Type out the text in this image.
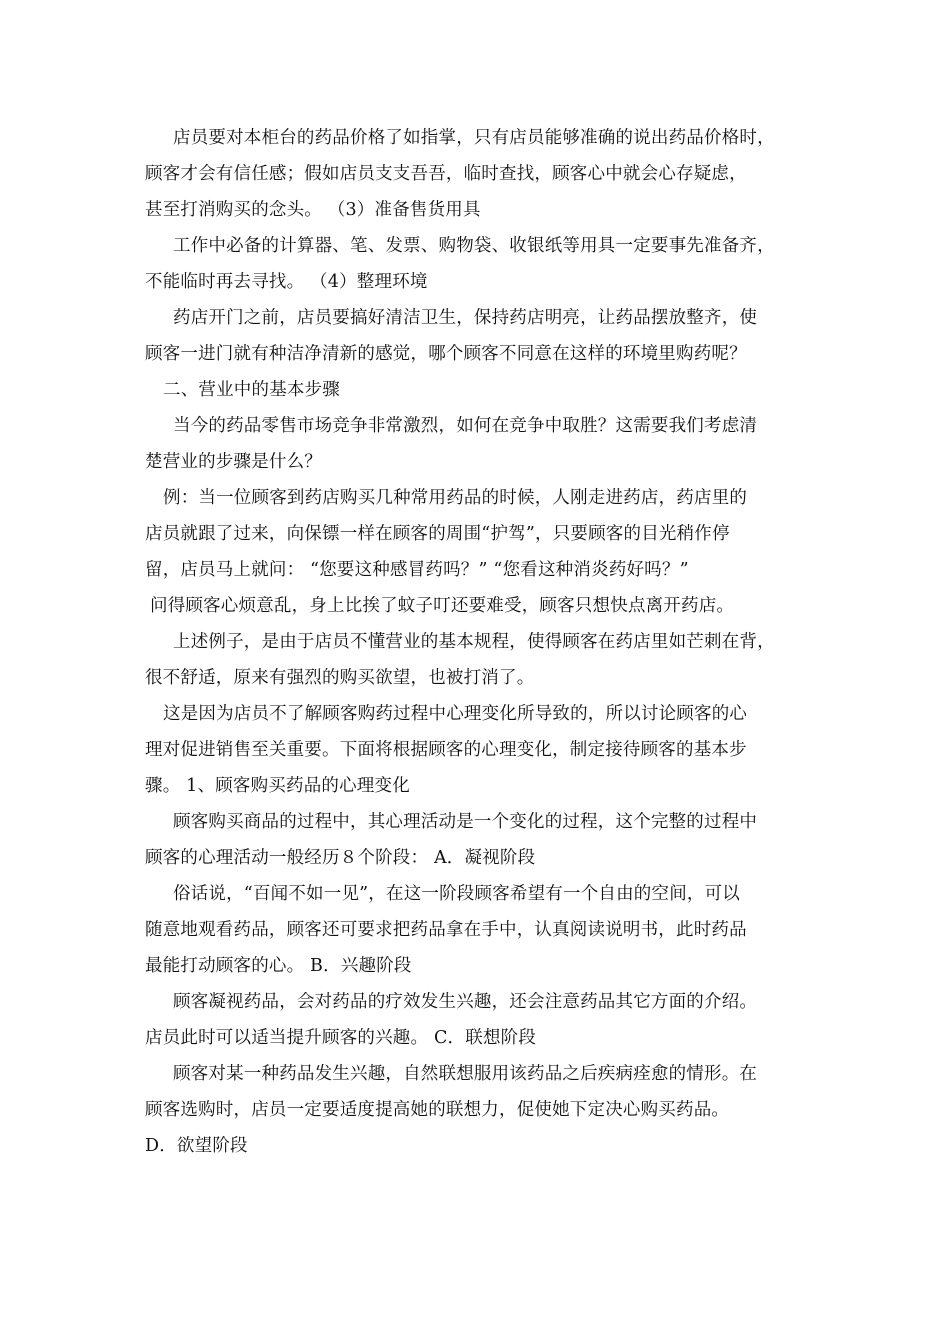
店员要对本柜台的药品价格了如指掌，只有店员能够准确的说出药品价格时，
顾客才会有信任感；假如店员支支吾吾，临时查找，顾客心中就会心存疑虑，
甚至打消购买的念头。 （3）准备售货用具
工作中必备的计算器、笔、发票、购物袋、收银纸等用具一定要事先准备齐，
不能临时再去寻找。 （4）整理环境
药店开门之前，店员要搞好清洁卫生，保持药店明亮，让药品摆放整齐，使
顾客一进门就有种洁净清新的感觉，哪个顾客不同意在这样的环境里购药呢？
二、营业中的基本步骤
当今的药品零售市场竞争非常激烈，如何在竞争中取胜？这需要我们考虑清
楚营业的步骤是什么？
例：当一位顾客到药店购买几种常用药品的时候，人刚走进药店，药店里的
店员就跟了过来，向保镖一样在顾客的周围“护驾”，只要顾客的目光稍作停
留，店员马上就问： “您要这种感冒药吗？” “您看这种消炎药好吗？”
问得顾客心烦意乱，身上比挨了蚊子叮还要难受，顾客只想快点离开药店。
上述例子，是由于店员不懂营业的基本规程，使得顾客在药店里如芒刺在背，
很不舒适，原来有强烈的购买欲望，也被打消了。
这是因为店员不了解顾客购药过程中心理变化所导致的，所以讨论顾客的心
理对促进销售至关重要。下面将根据顾客的心理变化，制定接待顾客的基本步
骤。 1、顾客购买药品的心理变化
顾客购买商品的过程中，其心理活动是一个变化的过程，这个完整的过程中
顾客的心理活动一般经历８个阶段： A．凝视阶段
俗话说，“百闻不如一见”，在这一阶段顾客希望有一个自由的空间，可以
随意地观看药品，顾客还可要求把药品拿在手中，认真阅读说明书，此时药品
最能打动顾客的心。 B．兴趣阶段
顾客凝视药品，会对药品的疗效发生兴趣，还会注意药品其它方面的介绍。
店员此时可以适当提升顾客的兴趣。 C．联想阶段
顾客对某一种药品发生兴趣，自然联想服用该药品之后疾病痊愈的情形。在
顾客选购时，店员一定要适度提高她的联想力，促使她下定决心购买药品。
D．欲望阶段
